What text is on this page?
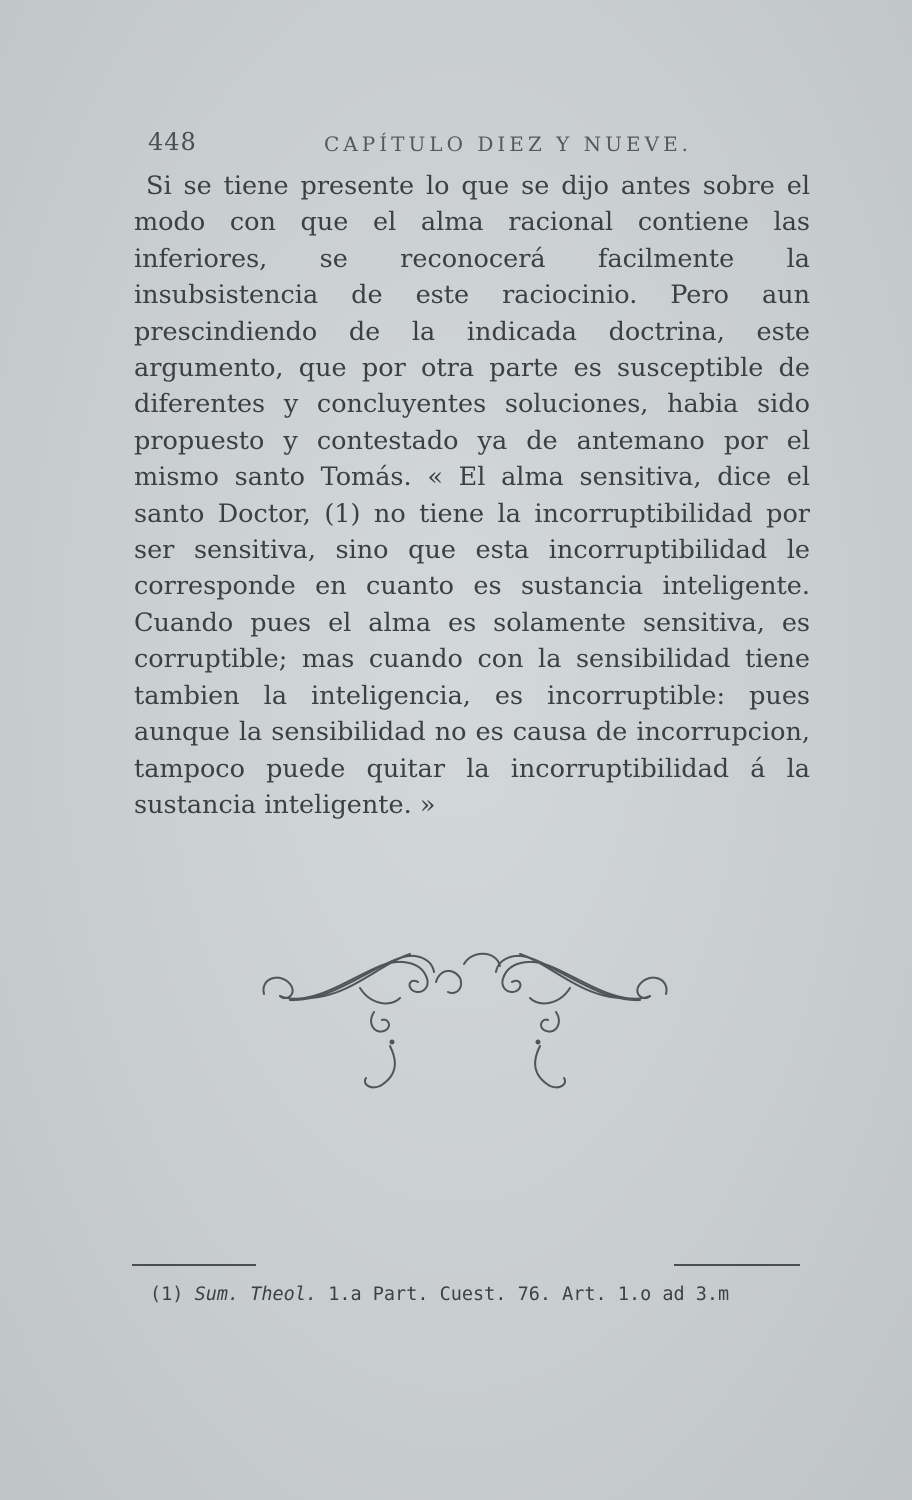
448	CAPÍTULO DIEZ Y NUEVE.

Si se tiene presente lo que se dijo antes sobre el modo con que el alma racional contiene las inferiores, se reconocerá facilmente la insubsistencia de este raciocinio. Pero aun prescindiendo de la indicada doctrina, este argumento, que por otra parte es susceptible de diferentes y concluyentes soluciones, habia sido propuesto y contestado ya de antemano por el mismo santo Tomás. « El alma sensitiva, dice el santo Doctor, (1) no tiene la incorruptibilidad por ser sensitiva, sino que esta incorruptibilidad le corresponde en cuanto es sustancia inteligente. Cuando pues el alma es solamente sensitiva, es corruptible; mas cuando con la sensibilidad tiene tambien la inteligencia, es incorruptible: pues aunque la sensibilidad no es causa de incorrupcion, tampoco puede quitar la incorruptibilidad á la sustancia inteligente. »

(1) Sum. Theol. 1.a Part. Cuest. 76. Art. 1.o ad 3.m
